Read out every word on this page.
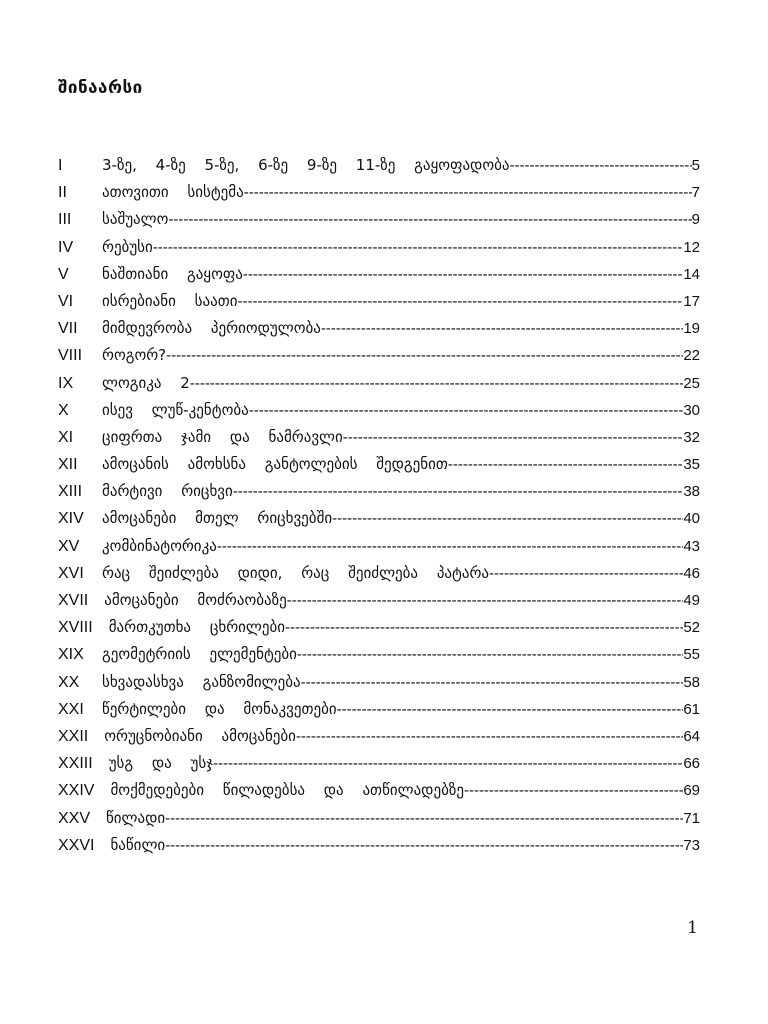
შინაარსი
I	3-ზე, 4-ზე 5-ზე, 6-ზე 9-ზე 11-ზე გაყოფადობა -----	5
II	ათოვითი სისტემა -----	7
III	საშუალო -----	9
IV	რებუსი -----	12
V	ნაშთიანი გაყოფა -----	14
VI	ისრებიანი საათი -----	17
VII	მიმდევრობა პერიოდულობა -----	19
VIII როგორ? -----	22
IX	ლოგიკა 2 -----	25
X	ისევ ლუწ-კენტობა -----	30
XI	ციფრთა ჯამი და ნამრავლი -----	32
XII	ამოცანის ამოხსნა განტოლების შედგენით -----	35
XIII მარტივი რიცხვი -----	38
XIV ამოცანები მთელ რიცხვებში -----	40
XV	კომბინატორიკა -----	43
XVI რაც შეიძლება დიდი, რაც შეიძლება პატარა -----	46
XVII ამოცანები მოძრაობაზე -----	49
XVIII მართკუთხა ცხრილები -----	52
XIX გეომეტრიის ელემენტები -----	55
XX	სხვადასხვა განზომილება -----	58
XXI წერტილები და მონაკვეთები -----	61
XXII ორუცნობიანი ამოცანები -----	64
XXIII უსგ და უსჯ -----	66
XXIV მოქმედებები წილადებსა და ათწილადებზე -----	69
XXV წილადი -----	71
XXVI ნაწილი -----	73
1
